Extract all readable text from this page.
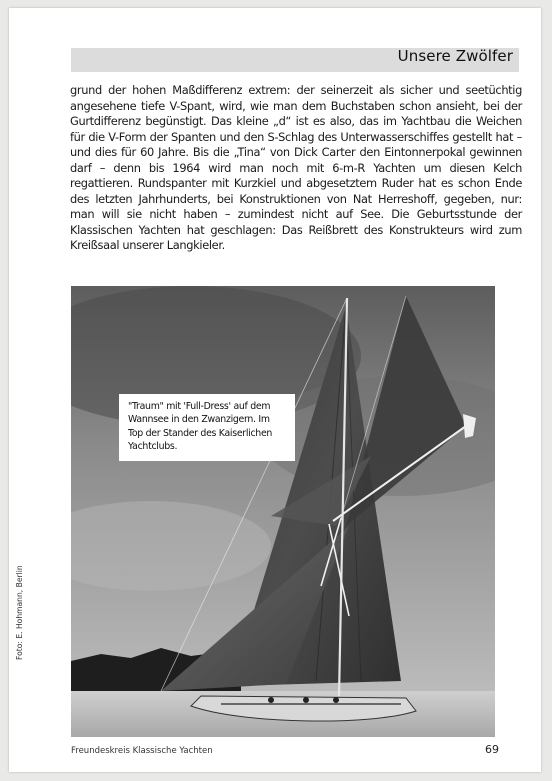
Unsere Zwölfer

grund der hohen Maßdifferenz extrem: der seinerzeit als sicher und seetüchtig angesehene tiefe V-Spant, wird, wie man dem Buchstaben schon ansieht, bei der Gurtdifferenz begünstigt. Das kleine „d“ ist es also, das im Yachtbau die Weichen für die V-Form der Spanten und den S-Schlag des Unterwasserschiffes gestellt hat – und dies für 60 Jahre. Bis die „Tina“ von Dick Carter den Eintonnerpokal gewinnen darf – denn bis 1964 wird man noch mit 6-m-R Yachten um diesen Kelch regattieren. Rundspanter mit Kurzkiel und abgesetztem Ruder hat es schon Ende des letzten Jahrhunderts, bei Konstruktionen von Nat Herreshoff, gegeben, nur: man will sie nicht haben – zumindest nicht auf See. Die Geburtsstunde der Klassischen Yachten hat geschlagen: Das Reißbrett des Konstrukteurs wird zum Kreißsaal unserer Langkieler.

"Traum" mit 'Full-Dress' auf dem Wannsee in den Zwanzigern. Im Top der Stander des Kaiserlichen Yachtclubs.

Foto: E. Hohmann, Berlin
Freundeskreis Klassische Yachten	69
